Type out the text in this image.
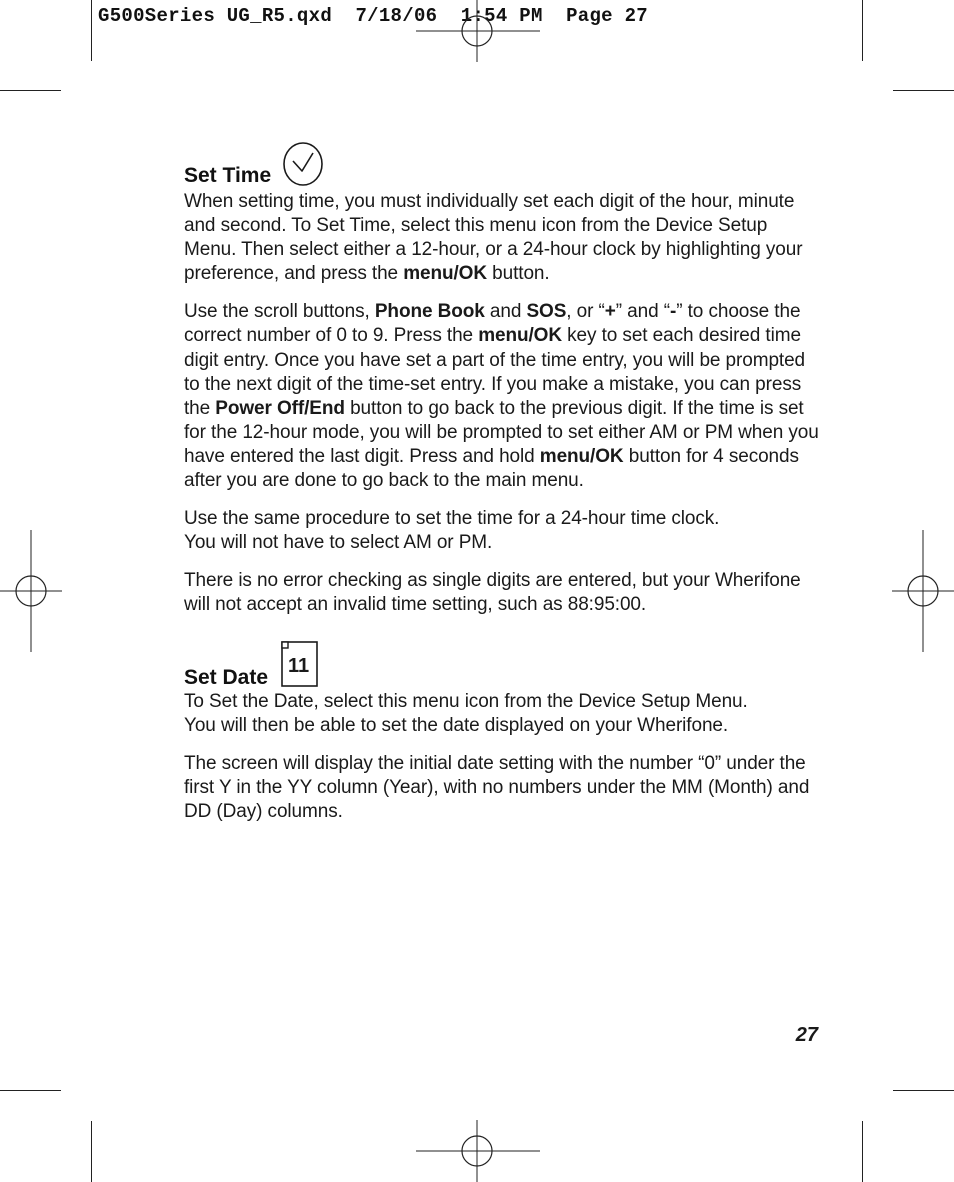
G500Series UG_R5.qxd  7/18/06  1:54 PM  Page 27
Set Time

When setting time, you must individually set each digit of the hour, minute and second. To Set Time, select this menu icon from the Device Setup Menu. Then select either a 12-hour, or a 24-hour clock by highlighting your preference, and press the menu/OK button.

Use the scroll buttons, Phone Book and SOS, or “+” and “-” to choose the correct number of 0 to 9. Press the menu/OK key to set each desired time digit entry. Once you have set a part of the time entry, you will be prompted to the next digit of the time-set entry. If you make a mistake, you can press the Power Off/End button to go back to the previous digit. If the time is set for the 12-hour mode, you will be prompted to set either AM or PM when you have entered the last digit. Press and hold menu/OK button for 4 seconds after you are done to go back to the main menu.

Use the same procedure to set the time for a 24-hour time clock.
You will not have to select AM or PM.

There is no error checking as single digits are entered, but your Wherifone will not accept an invalid time setting, such as 88:95:00.

Set Date 11

To Set the Date, select this menu icon from the Device Setup Menu.
You will then be able to set the date displayed on your Wherifone.

The screen will display the initial date setting with the number “0” under the first Y in the YY column (Year), with no numbers under the MM (Month) and DD (Day) columns.

27
